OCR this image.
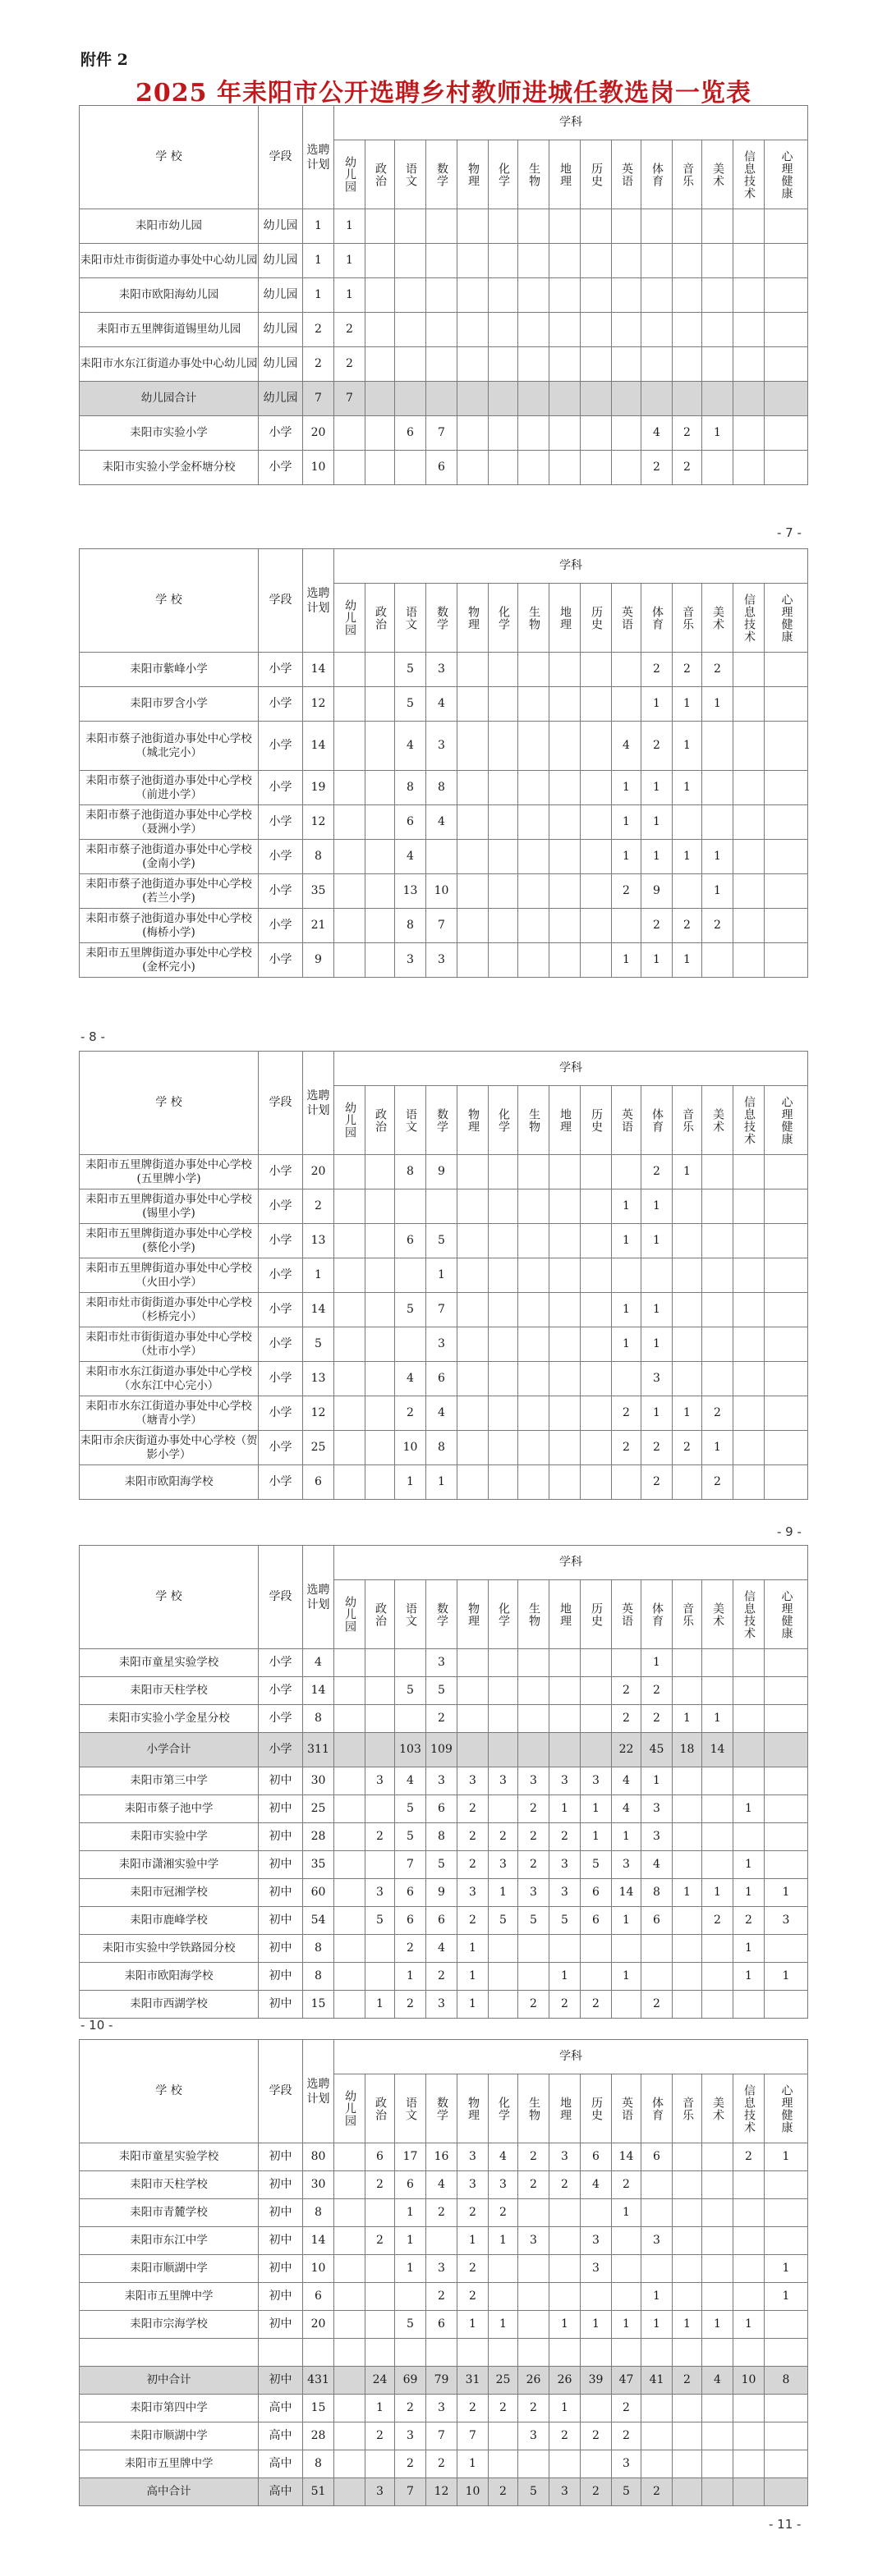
附件 2
2025 年耒阳市公开选聘乡村教师进城任教选岗一览表
学 校	学段	选聘计划	学科														

			幼儿园	政治	语文	数学	物理	化学	生物	地理	历史	英语	体育	音乐	美术	信息技术	心理健康

耒阳市幼儿园	幼儿园	1	1														
耒阳市灶市街街道办事处中心幼儿园	幼儿园	1	1														
耒阳市欧阳海幼儿园	幼儿园	1	1														
耒阳市五里牌街道锡里幼儿园	幼儿园	2	2														
耒阳市水东江街道办事处中心幼儿园	幼儿园	2	2														
幼儿园合计	幼儿园	7	7														
耒阳市实验小学	小学	20			6	7							4	2	1		
耒阳市实验小学金杯塘分校	小学	10				6							2	2			
- 7 -
学 校	学段	选聘计划	学科														

			幼儿园	政治	语文	数学	物理	化学	生物	地理	历史	英语	体育	音乐	美术	信息技术	心理健康

耒阳市紫峰小学	小学	14			5	3							2	2	2		
耒阳市罗含小学	小学	12			5	4							1	1	1		
耒阳市蔡子池街道办事处中心学校（城北完小）	小学	14			4	3						4	2	1			
耒阳市蔡子池街道办事处中心学校（前进小学）	小学	19			8	8						1	1	1			
耒阳市蔡子池街道办事处中心学校（聂洲小学）	小学	12			6	4						1	1				
耒阳市蔡子池街道办事处中心学校(金南小学)	小学	8			4							1	1	1	1		
耒阳市蔡子池街道办事处中心学校(若兰小学)	小学	35			13	10						2	9		1		
耒阳市蔡子池街道办事处中心学校(梅桥小学)	小学	21			8	7							2	2	2		
耒阳市五里牌街道办事处中心学校(金杯完小)	小学	9			3	3						1	1	1			
- 8 -
学 校	学段	选聘计划	学科														

			幼儿园	政治	语文	数学	物理	化学	生物	地理	历史	英语	体育	音乐	美术	信息技术	心理健康

耒阳市五里牌街道办事处中心学校(五里牌小学)	小学	20			8	9							2	1			
耒阳市五里牌街道办事处中心学校(锡里小学)	小学	2										1	1				
耒阳市五里牌街道办事处中心学校(蔡伦小学)	小学	13			6	5						1	1				
耒阳市五里牌街道办事处中心学校（火田小学）	小学	1				1											
耒阳市灶市街街道办事处中心学校（杉桥完小）	小学	14			5	7						1	1				
耒阳市灶市街街道办事处中心学校（灶市小学）	小学	5				3						1	1				
耒阳市水东江街道办事处中心学校（水东江中心完小）	小学	13			4	6							3				
耒阳市水东江街道办事处中心学校（塘青小学）	小学	12			2	4						2	1	1	2		
耒阳市余庆街道办事处中心学校（贺影小学）	小学	25			10	8						2	2	2	1		
耒阳市欧阳海学校	小学	6			1	1							2		2		
- 9 -
学 校	学段	选聘计划	学科														

			幼儿园	政治	语文	数学	物理	化学	生物	地理	历史	英语	体育	音乐	美术	信息技术	心理健康

耒阳市童星实验学校	小学	4				3							1				
耒阳市天柱学校	小学	14			5	5						2	2				
耒阳市实验小学金星分校	小学	8				2						2	2	1	1		
小学合计	小学	311			103	109						22	45	18	14		
耒阳市第三中学	初中	30		3	4	3	3	3	3	3	3	4	1				
耒阳市蔡子池中学	初中	25			5	6	2		2	1	1	4	3			1	
耒阳市实验中学	初中	28		2	5	8	2	2	2	2	1	1	3				
耒阳市潇湘实验中学	初中	35			7	5	2	3	2	3	5	3	4			1	
耒阳市冠湘学校	初中	60		3	6	9	3	1	3	3	6	14	8	1	1	1	1
耒阳市鹿峰学校	初中	54		5	6	6	2	5	5	5	6	1	6		2	2	3
耒阳市实验中学铁路园分校	初中	8			2	4	1									1	
耒阳市欧阳海学校	初中	8			1	2	1			1		1				1	1
耒阳市西湖学校	初中	15		1	2	3	1		2	2	2		2				
- 10 -
学 校	学段	选聘计划	学科														

			幼儿园	政治	语文	数学	物理	化学	生物	地理	历史	英语	体育	音乐	美术	信息技术	心理健康

耒阳市童星实验学校	初中	80		6	17	16	3	4	2	3	6	14	6			2	1
耒阳市天柱学校	初中	30		2	6	4	3	3	2	2	4	2					
耒阳市青麓学校	初中	8			1	2	2	2				1					
耒阳市东江中学	初中	14		2	1		1	1	3		3		3				
耒阳市顺湖中学	初中	10			1	3	2				3						1
耒阳市五里牌中学	初中	6				2	2						1				1
耒阳市宗海学校	初中	20			5	6	1	1		1	1	1	1	1	1	1	

初中合计	初中	431		24	69	79	31	25	26	26	39	47	41	2	4	10	8
耒阳市第四中学	高中	15		1	2	3	2	2	2	1		2					
耒阳市顺湖中学	高中	28		2	3	7	7		3	2	2	2					
耒阳市五里牌中学	高中	8			2	2	1					3					
高中合计	高中	51		3	7	12	10	2	5	3	2	5	2				
- 11 -
